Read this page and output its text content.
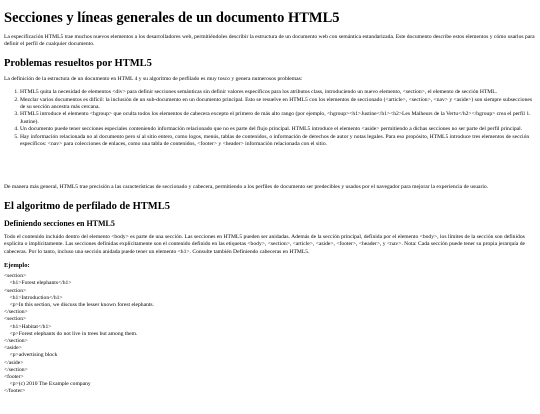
Secciones y líneas generales de un documento HTML5

La especificación HTML5 trae muchos nuevos elementos a los desarrolladores web, permitiéndoles describir la estructura de un documento web con semántica estandarizada. Este documento describe estos elementos y cómo usarlos para definir el perfil de cualquier documento.

Problemas resueltos por HTML5

La definición de la estructura de un documento en HTML 4 y su algoritmo de perfilado es muy tosco y genera numerosos problemas:

1. HTML5 quita la necesidad de elementos <div> para definir secciones semánticas sin definir valores específicos para los atributos class, introduciendo un nuevo elemento, <section>, el elemento de sección HTML.
2. Mezclar varios documentos es difícil: la inclusión de un sub-documento en un documento principal. Esto se resuelve en HTML5 con los elementos de seccionado (<article>, <section>, <nav> y <aside>) son siempre subsecciones de su sección ancestra más cercana.
3. HTML5 introduce el elemento <hgroup> que oculta todos los elementos de cabecera excepto el primero de más alto rango (por ejemplo, <hgroup><h1>Justine</h1><h2>Les Malheurs de la Vertu</h2></hgroup> crea el perfil 1. Justine).
4. Un documento puede tener secciones especiales conteniendo información relacionado que no es parte del flujo principal. HTML5 introduce el elemento <aside> permitiendo a dichas secciones no ser parte del perfil principal.
5. Hay información relacionada no al documento pero sí al sitio entero, como logos, menús, tablas de contenidos, o información de derechos de autor y notas legales. Para eso propósito, HTML5 introduce tres elementos de sección específicos: <nav> para colecciones de enlaces, como una tabla de contenidos, <footer> y <header> información relacionada con el sitio.

De manera más general, HTML5 trae precisión a las características de seccionado y cabecera, permitiendo a los perfiles de documento ser predecibles y usados por el navegador para mejorar la experiencia de usuario.

El algoritmo de perfilado de HTML5
Definiendo secciones en HTML5

Todo el contenido incluido dentro del elemento <body> es parte de una sección. Las secciones en HTML5 pueden ser anidadas. Además de la sección principal, definida por el elemento <body>, los límites de la sección son definidos explícita o implícitamente. Las secciones definidas explícitamente son el contenido definido en las etiquetas <body>, <section>, <article>, <aside>, <footer>, <header>, y <nav>. Nota: Cada sección puede tener su propia jerarquía de cabeceras. Por lo tanto, incluso una sección anidada puede tener un elemento <h1>. Consulte también Definiendo cabeceras en HTML5.

Ejemplo:
<section>
<h1>Forest elephants</h1>
<section>
<h1>Introduction</h1>
<p>In this section, we discuss the lesser known forest elephants.
</section>
<section>
<h1>Habitat</h1>
<p>Forest elephants do not live in trees but among them.
</section>
<aside>
<p>advertising block
</aside>
</section>
<footer>
<p>(c) 2010 The Example company
</footer>
